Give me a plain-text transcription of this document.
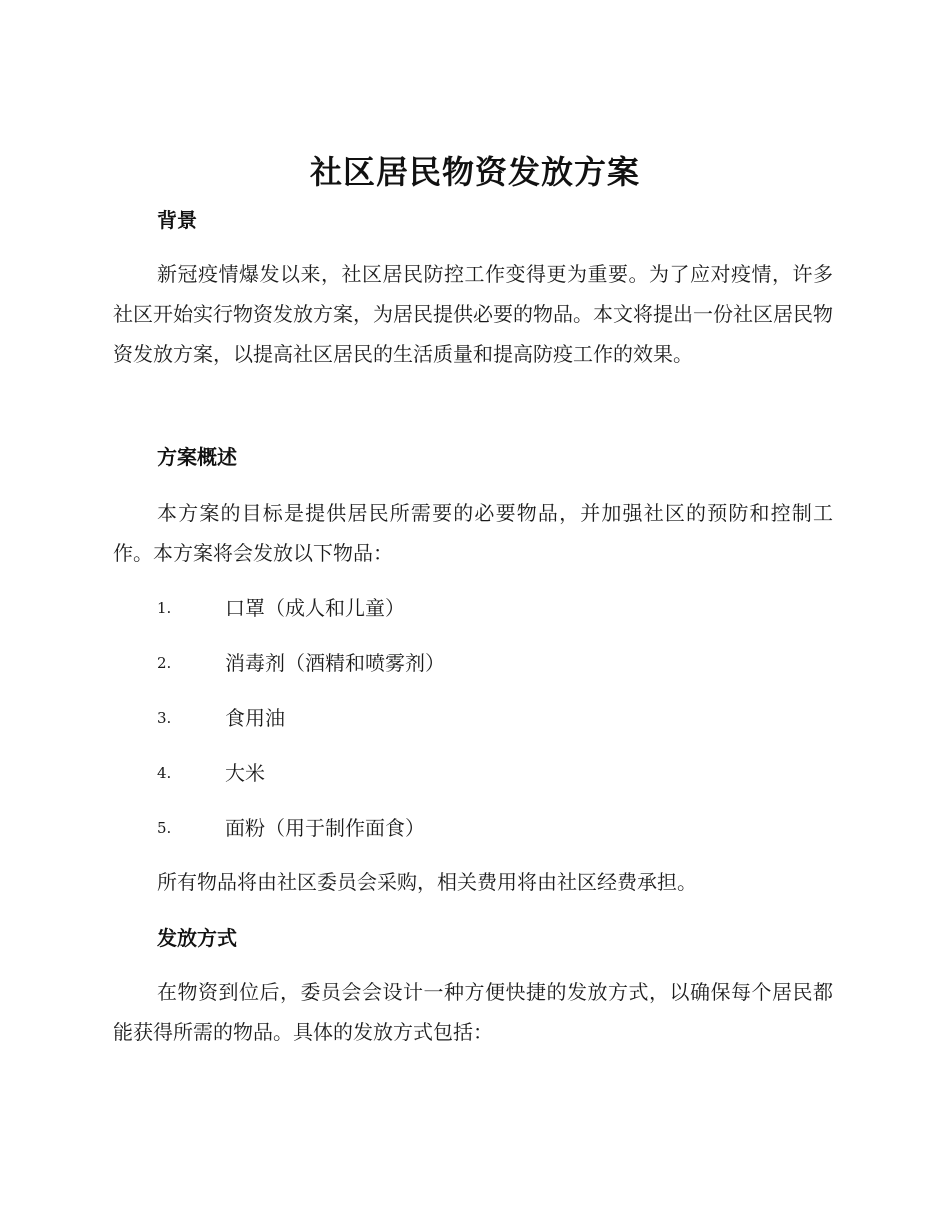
社区居民物资发放方案
背景
新冠疫情爆发以来，社区居民防控工作变得更为重要。为了应对疫情，许多社区开始实行物资发放方案，为居民提供必要的物品。本文将提出一份社区居民物资发放方案，以提高社区居民的生活质量和提高防疫工作的效果。
方案概述
本方案的目标是提供居民所需要的必要物品，并加强社区的预防和控制工作。本方案将会发放以下物品：
1.	口罩（成人和儿童）
2.	消毒剂（酒精和喷雾剂）
3.	食用油
4.	大米
5.	面粉（用于制作面食）
所有物品将由社区委员会采购，相关费用将由社区经费承担。
发放方式
在物资到位后，委员会会设计一种方便快捷的发放方式，以确保每个居民都能获得所需的物品。具体的发放方式包括：
